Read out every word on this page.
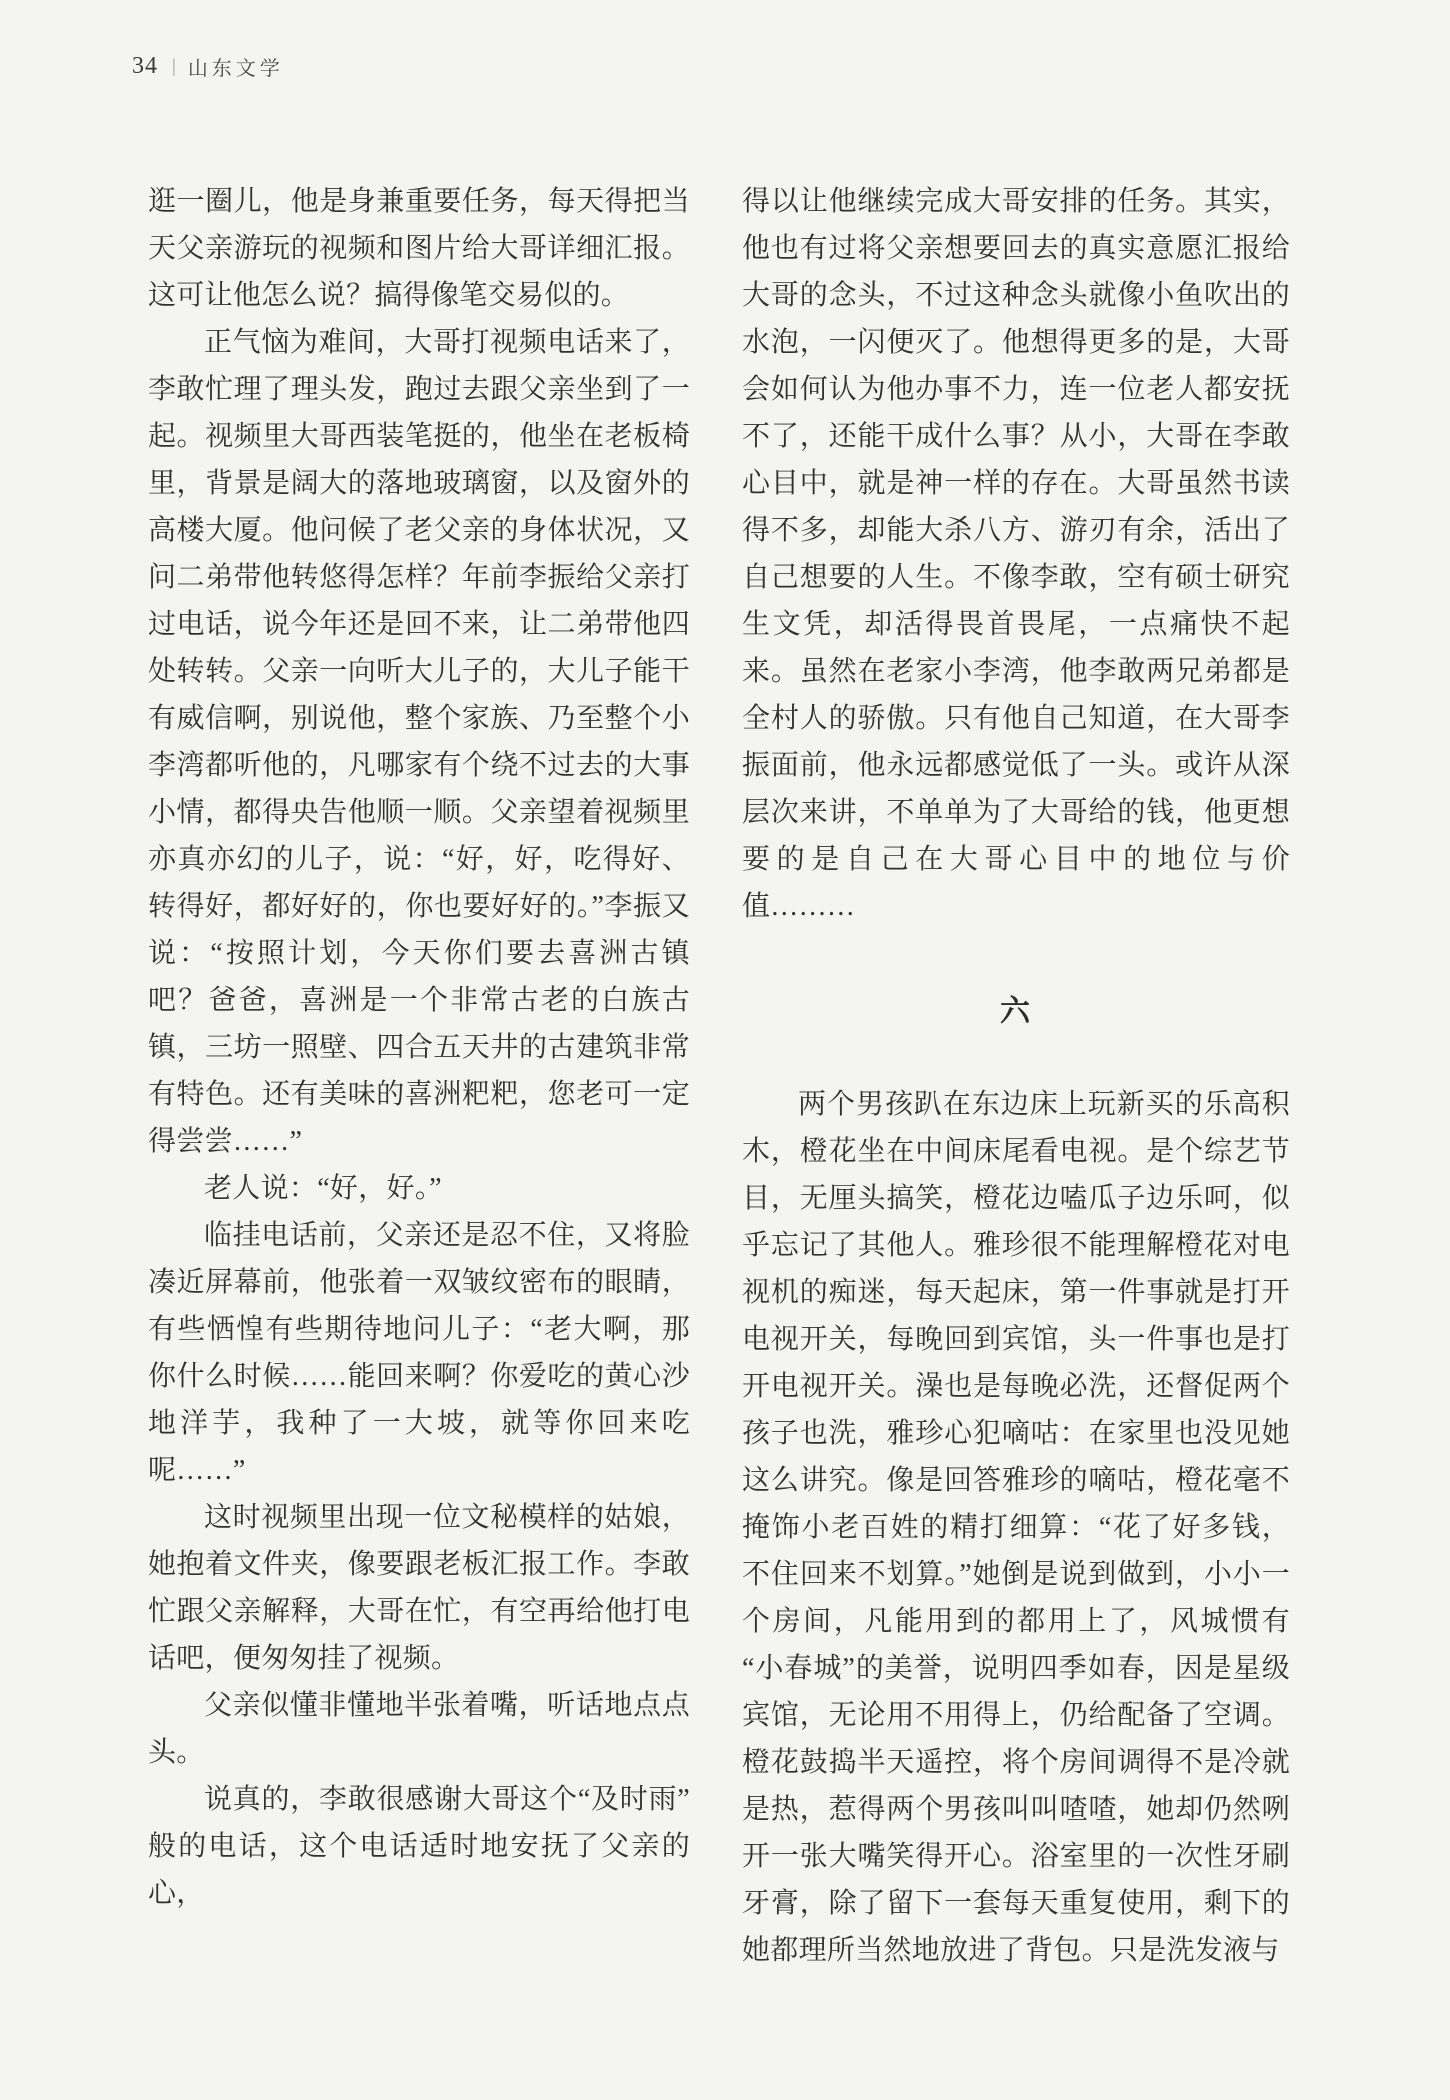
34 | 山东文学

逛一圈儿，他是身兼重要任务，每天得把当天父亲游玩的视频和图片给大哥详细汇报。这可让他怎么说？搞得像笔交易似的。

正气恼为难间，大哥打视频电话来了，李敢忙理了理头发，跑过去跟父亲坐到了一起。视频里大哥西装笔挺的，他坐在老板椅里，背景是阔大的落地玻璃窗，以及窗外的高楼大厦。他问候了老父亲的身体状况，又问二弟带他转悠得怎样？年前李振给父亲打过电话，说今年还是回不来，让二弟带他四处转转。父亲一向听大儿子的，大儿子能干有威信啊，别说他，整个家族、乃至整个小李湾都听他的，凡哪家有个绕不过去的大事小情，都得央告他顺一顺。父亲望着视频里亦真亦幻的儿子，说：“好，好，吃得好、转得好，都好好的，你也要好好的。”李振又说：“按照计划，今天你们要去喜洲古镇吧？爸爸，喜洲是一个非常古老的白族古镇，三坊一照壁、四合五天井的古建筑非常有特色。还有美味的喜洲粑粑，您老可一定得尝尝……”

老人说：“好，好。”

临挂电话前，父亲还是忍不住，又将脸凑近屏幕前，他张着一双皱纹密布的眼睛，有些恓惶有些期待地问儿子：“老大啊，那你什么时候……能回来啊？你爱吃的黄心沙地洋芋，我种了一大坡，就等你回来吃呢……”

这时视频里出现一位文秘模样的姑娘，她抱着文件夹，像要跟老板汇报工作。李敢忙跟父亲解释，大哥在忙，有空再给他打电话吧，便匆匆挂了视频。

父亲似懂非懂地半张着嘴，听话地点点头。

说真的，李敢很感谢大哥这个“及时雨”般的电话，这个电话适时地安抚了父亲的心，

得以让他继续完成大哥安排的任务。其实，他也有过将父亲想要回去的真实意愿汇报给大哥的念头，不过这种念头就像小鱼吹出的水泡，一闪便灭了。他想得更多的是，大哥会如何认为他办事不力，连一位老人都安抚不了，还能干成什么事？从小，大哥在李敢心目中，就是神一样的存在。大哥虽然书读得不多，却能大杀八方、游刃有余，活出了自己想要的人生。不像李敢，空有硕士研究生文凭，却活得畏首畏尾，一点痛快不起来。虽然在老家小李湾，他李敢两兄弟都是全村人的骄傲。只有他自己知道，在大哥李振面前，他永远都感觉低了一头。或许从深层次来讲，不单单为了大哥给的钱，他更想要的是自己在大哥心目中的地位与价值………

六

两个男孩趴在东边床上玩新买的乐高积木，橙花坐在中间床尾看电视。是个综艺节目，无厘头搞笑，橙花边嗑瓜子边乐呵，似乎忘记了其他人。雅珍很不能理解橙花对电视机的痴迷，每天起床，第一件事就是打开电视开关，每晚回到宾馆，头一件事也是打开电视开关。澡也是每晚必洗，还督促两个孩子也洗，雅珍心犯嘀咕：在家里也没见她这么讲究。像是回答雅珍的嘀咕，橙花毫不掩饰小老百姓的精打细算：“花了好多钱，不住回来不划算。”她倒是说到做到，小小一个房间，凡能用到的都用上了，风城惯有“小春城”的美誉，说明四季如春，因是星级宾馆，无论用不用得上，仍给配备了空调。橙花鼓捣半天遥控，将个房间调得不是冷就是热，惹得两个男孩叫叫喳喳，她却仍然咧开一张大嘴笑得开心。浴室里的一次性牙刷牙膏，除了留下一套每天重复使用，剩下的她都理所当然地放进了背包。只是洗发液与
